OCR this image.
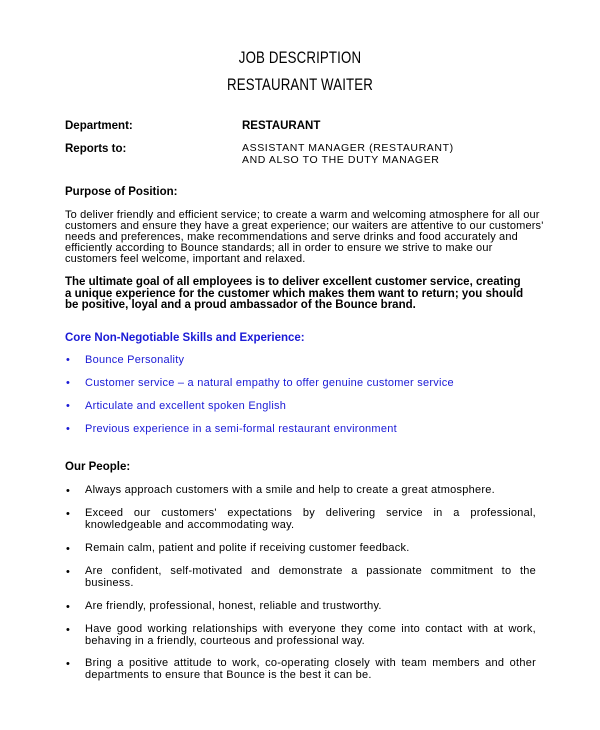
JOB DESCRIPTION
RESTAURANT WAITER
Department:	RESTAURANT
Reports to:	ASSISTANT MANAGER (RESTAURANT)
AND ALSO TO THE DUTY MANAGER
Purpose of Position:
To deliver friendly and efficient service; to create a warm and welcoming atmosphere for all our customers and ensure they have a great experience; our waiters are attentive to our customers' needs and preferences, make recommendations and serve drinks and food accurately and efficiently according to Bounce standards; all in order to ensure we strive to make our customers feel welcome, important and relaxed.
The ultimate goal of all employees is to deliver excellent customer service, creating a unique experience for the customer which makes them want to return; you should be positive, loyal and a proud ambassador of the Bounce brand.
Core Non-Negotiable Skills and Experience:
• Bounce Personality
• Customer service – a natural empathy to offer genuine customer service
• Articulate and excellent spoken English
• Previous experience in a semi-formal restaurant environment
Our People:
• Always approach customers with a smile and help to create a great atmosphere.
• Exceed our customers' expectations by delivering service in a professional, knowledgeable and accommodating way.
• Remain calm, patient and polite if receiving customer feedback.
• Are confident, self-motivated and demonstrate a passionate commitment to the business.
• Are friendly, professional, honest, reliable and trustworthy.
• Have good working relationships with everyone they come into contact with at work, behaving in a friendly, courteous and professional way.
• Bring a positive attitude to work, co-operating closely with team members and other departments to ensure that Bounce is the best it can be.
